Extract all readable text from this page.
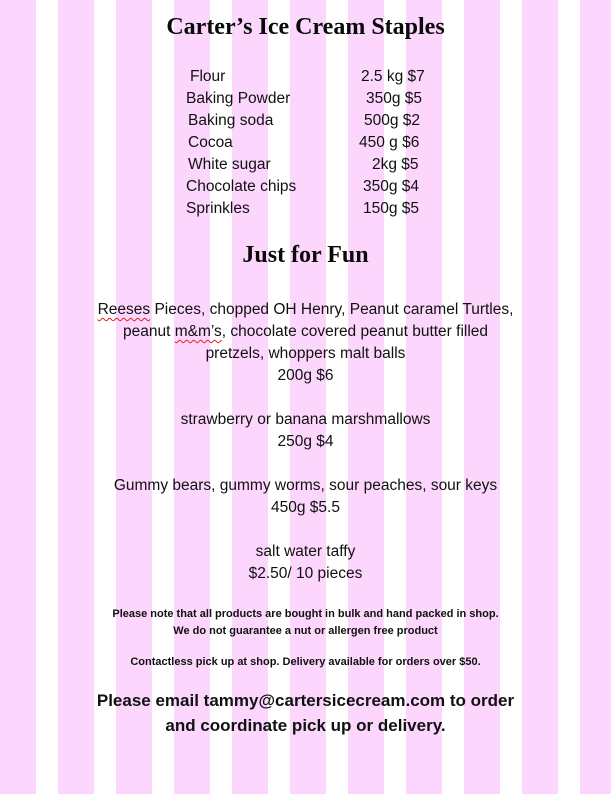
Carter’s Ice Cream Staples
Flour	2.5 kg $7
Baking Powder	350g $5
Baking soda	500g $2
Cocoa	450 g $6
White sugar	2kg $5
Chocolate chips	350g $4
Sprinkles	150g $5
Just for Fun

Reeses Pieces, chopped OH Henry, Peanut caramel Turtles,
peanut m&m’s, chocolate covered peanut butter filled
pretzels, whoppers malt balls
200g $6

strawberry or banana marshmallows
250g $4

Gummy bears, gummy worms, sour peaches, sour keys
450g $5.5

salt water taffy
$2.50/ 10 pieces

Please note that all products are bought in bulk and hand packed in shop.
We do not guarantee a nut or allergen free product

Contactless pick up at shop. Delivery available for orders over $50.

Please email tammy@cartersicecream.com to order
and coordinate pick up or delivery.
